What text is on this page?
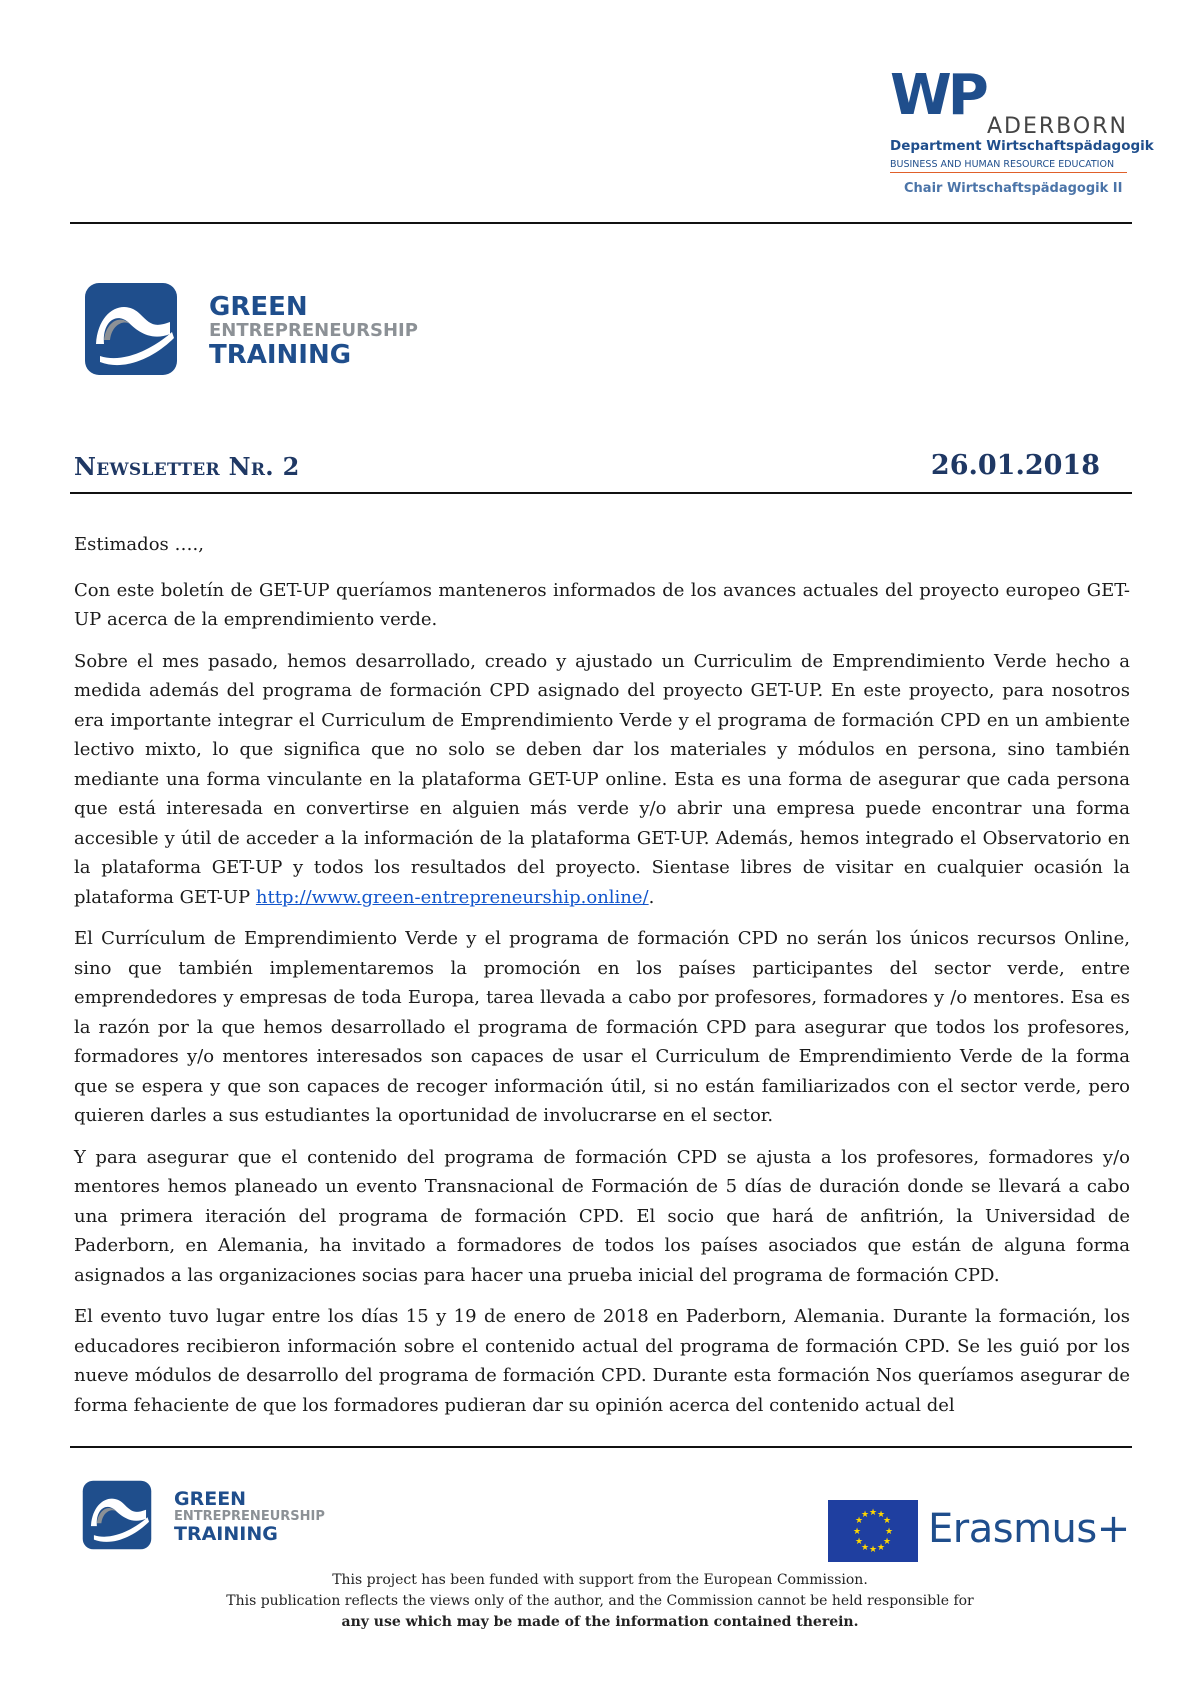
WP ADERBORN
Department Wirtschaftspädagogik
BUSINESS AND HUMAN RESOURCE EDUCATION
Chair Wirtschaftspädagogik II
GREEN
ENTREPRENEURSHIP
TRAINING
Newsletter Nr. 2	26.01.2018

Estimados ….,

Con este boletín de GET-UP queríamos manteneros informados de los avances actuales del proyecto europeo GET-UP acerca de la emprendimiento verde.

Sobre el mes pasado, hemos desarrollado, creado y ajustado un Curriculim de Emprendimiento Verde hecho a medida además del programa de formación CPD asignado del proyecto GET-UP. En este proyecto, para nosotros era importante integrar el Curriculum de Emprendimiento Verde y el programa de formación CPD en un ambiente lectivo mixto, lo que significa que no solo se deben dar los materiales y módulos en persona, sino también mediante una forma vinculante en la plataforma GET-UP online. Esta es una forma de asegurar que cada persona que está interesada en convertirse en alguien más verde y/o abrir una empresa puede encontrar una forma accesible y útil de acceder a la información de la plataforma GET-UP. Además, hemos integrado el Observatorio en la plataforma GET-UP y todos los resultados del proyecto. Sientase libres de visitar en cualquier ocasión la plataforma GET-UP http://www.green-entrepreneurship.online/.

El Currículum de Emprendimiento Verde y el programa de formación CPD no serán los únicos recursos Online, sino que también implementaremos la promoción en los países participantes del sector verde, entre emprendedores y empresas de toda Europa, tarea llevada a cabo por profesores, formadores y /o mentores. Esa es la razón por la que hemos desarrollado el programa de formación CPD para asegurar que todos los profesores, formadores y/o mentores interesados son capaces de usar el Curriculum de Emprendimiento Verde de la forma que se espera y que son capaces de recoger información útil, si no están familiarizados con el sector verde, pero quieren darles a sus estudiantes la oportunidad de involucrarse en el sector.

Y para asegurar que el contenido del programa de formación CPD se ajusta a los profesores, formadores y/o mentores hemos planeado un evento Transnacional de Formación de 5 días de duración donde se llevará a cabo una primera iteración del programa de formación CPD. El socio que hará de anfitrión, la Universidad de Paderborn, en Alemania, ha invitado a formadores de todos los países asociados que están de alguna forma asignados a las organizaciones socias para hacer una prueba inicial del programa de formación CPD.

El evento tuvo lugar entre los días 15 y 19 de enero de 2018 en Paderborn, Alemania. Durante la formación, los educadores recibieron información sobre el contenido actual del programa de formación CPD. Se les guió por los nueve módulos de desarrollo del programa de formación CPD. Durante esta formación Nos queríamos asegurar de forma fehaciente de que los formadores pudieran dar su opinión acerca del contenido actual del

GREEN
ENTREPRENEURSHIP
TRAINING
★ ★
★
★
★
★
★
★
★
★
★
★ Erasmus+
This project has been funded with support from the European Commission.
This publication reflects the views only of the author, and the Commission cannot be held responsible for
any use which may be made of the information contained therein.
